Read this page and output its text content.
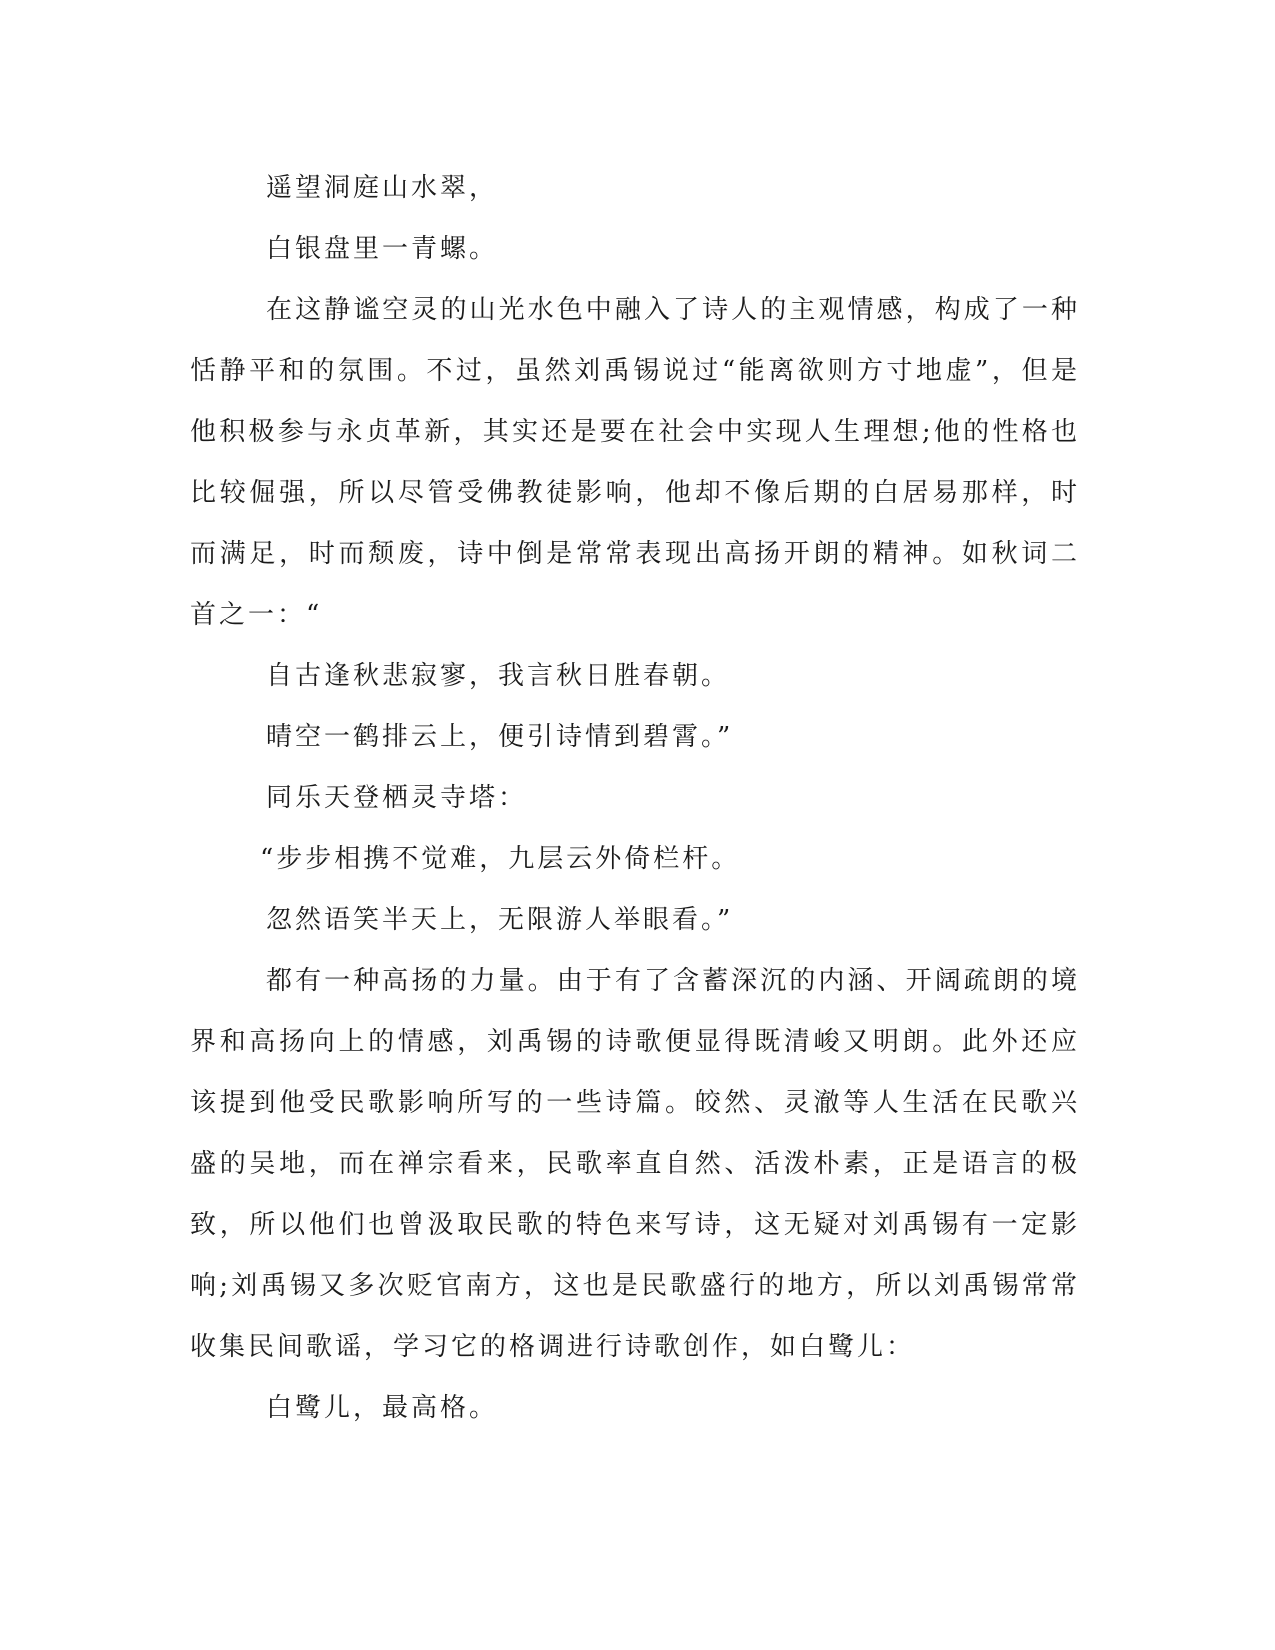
遥望洞庭山水翠，

白银盘里一青螺。

在这静谧空灵的山光水色中融入了诗人的主观情感，构成了一种恬静平和的氛围。不过，虽然刘禹锡说过“能离欲则方寸地虚”，但是他积极参与永贞革新，其实还是要在社会中实现人生理想;他的性格也比较倔强，所以尽管受佛教徒影响，他却不像后期的白居易那样，时而满足，时而颓废，诗中倒是常常表现出高扬开朗的精神。如秋词二首之一：“

自古逢秋悲寂寥，我言秋日胜春朝。

晴空一鹤排云上，便引诗情到碧霄。”

同乐天登栖灵寺塔：

“步步相携不觉难，九层云外倚栏杆。

忽然语笑半天上，无限游人举眼看。”

都有一种高扬的力量。由于有了含蓄深沉的内涵、开阔疏朗的境界和高扬向上的情感，刘禹锡的诗歌便显得既清峻又明朗。此外还应该提到他受民歌影响所写的一些诗篇。皎然、灵澈等人生活在民歌兴盛的吴地，而在禅宗看来，民歌率直自然、活泼朴素，正是语言的极致，所以他们也曾汲取民歌的特色来写诗，这无疑对刘禹锡有一定影响;刘禹锡又多次贬官南方，这也是民歌盛行的地方，所以刘禹锡常常收集民间歌谣，学习它的格调进行诗歌创作，如白鹭儿：

白鹭儿，最高格。
